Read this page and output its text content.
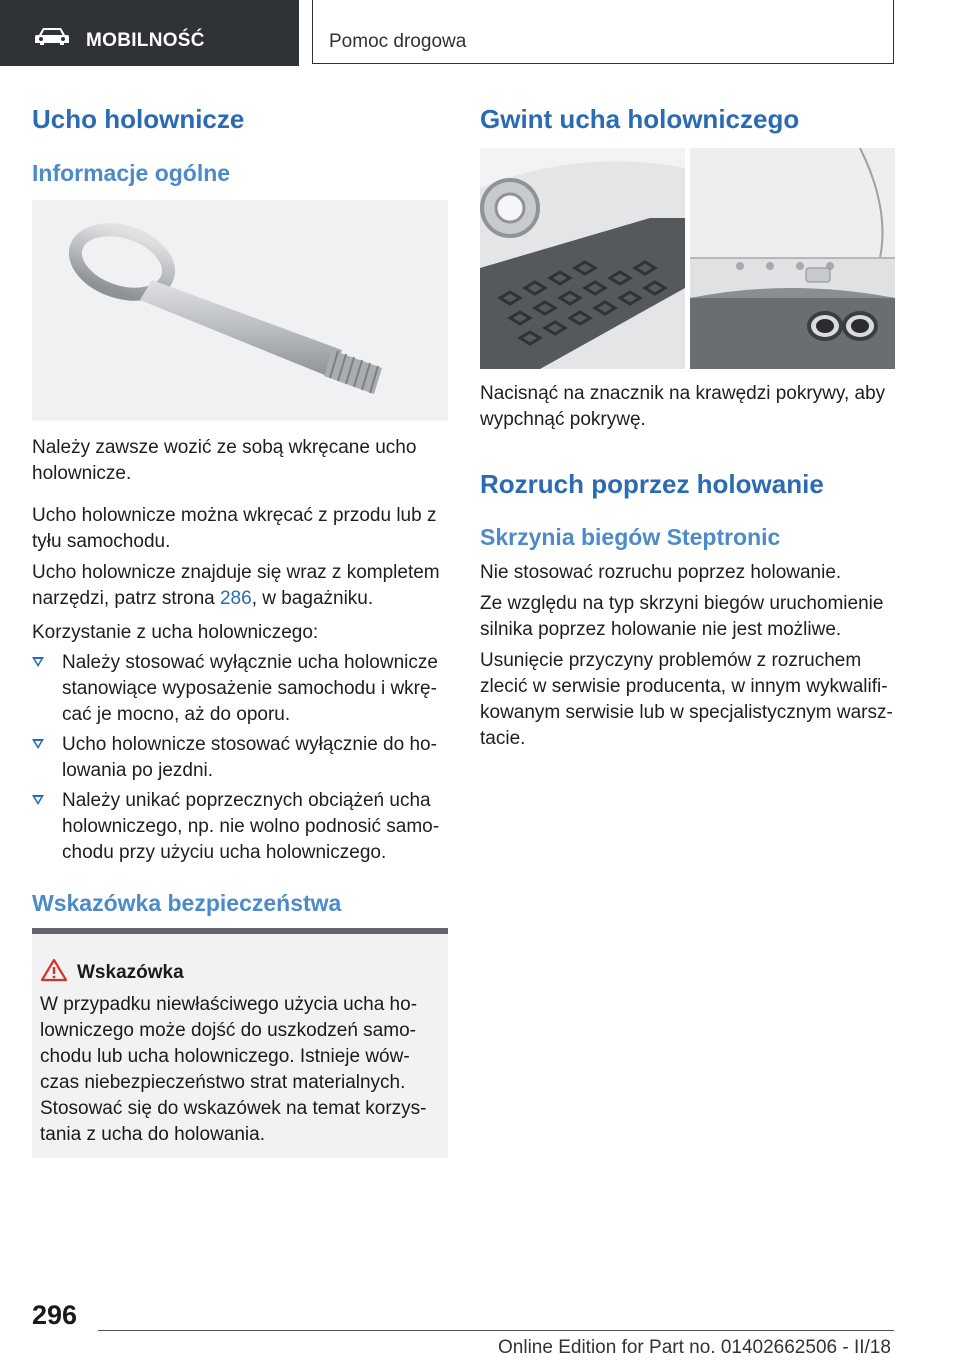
MOBILNOŚĆ	Pomoc drogowa
Ucho holownicze
Informacje ogólne

Należy zawsze wozić ze sobą wkręcane ucho holownicze.

Ucho holownicze można wkręcać z przodu lub z tyłu samochodu.

Ucho holownicze znajduje się wraz z kompletem narzędzi, patrz strona 286, w bagażniku.

Korzystanie z ucha holowniczego:

Należy stosować wyłącznie ucha holownicze stanowiące wyposażenie samochodu i wkręcać je mocno, aż do oporu.
Ucho holownicze stosować wyłącznie do holowania po jezdni.
Należy unikać poprzecznych obciążeń ucha holowniczego, np. nie wolno podnosić samochodu przy użyciu ucha holowniczego.
Wskazówka bezpieczeństwa
Wskazówka
W przypadku niewłaściwego użycia ucha holowniczego może dojść do uszkodzeń samochodu lub ucha holowniczego. Istnieje wówczas niebezpieczeństwo strat materialnych. Stosować się do wskazówek na temat korzystania z ucha do holowania.
Gwint ucha holowniczego

Nacisnąć na znacznik na krawędzi pokrywy, aby wypchnąć pokrywę.

Rozruch poprzez holowanie
Skrzynia biegów Steptronic

Nie stosować rozruchu poprzez holowanie.

Ze względu na typ skrzyni biegów uruchomienie silnika poprzez holowanie nie jest możliwe.

Usunięcie przyczyny problemów z rozruchem zlecić w serwisie producenta, w innym wykwalifikowanym serwisie lub w specjalistycznym warsztacie.

296
Online Edition for Part no. 01402662506 - II/18
